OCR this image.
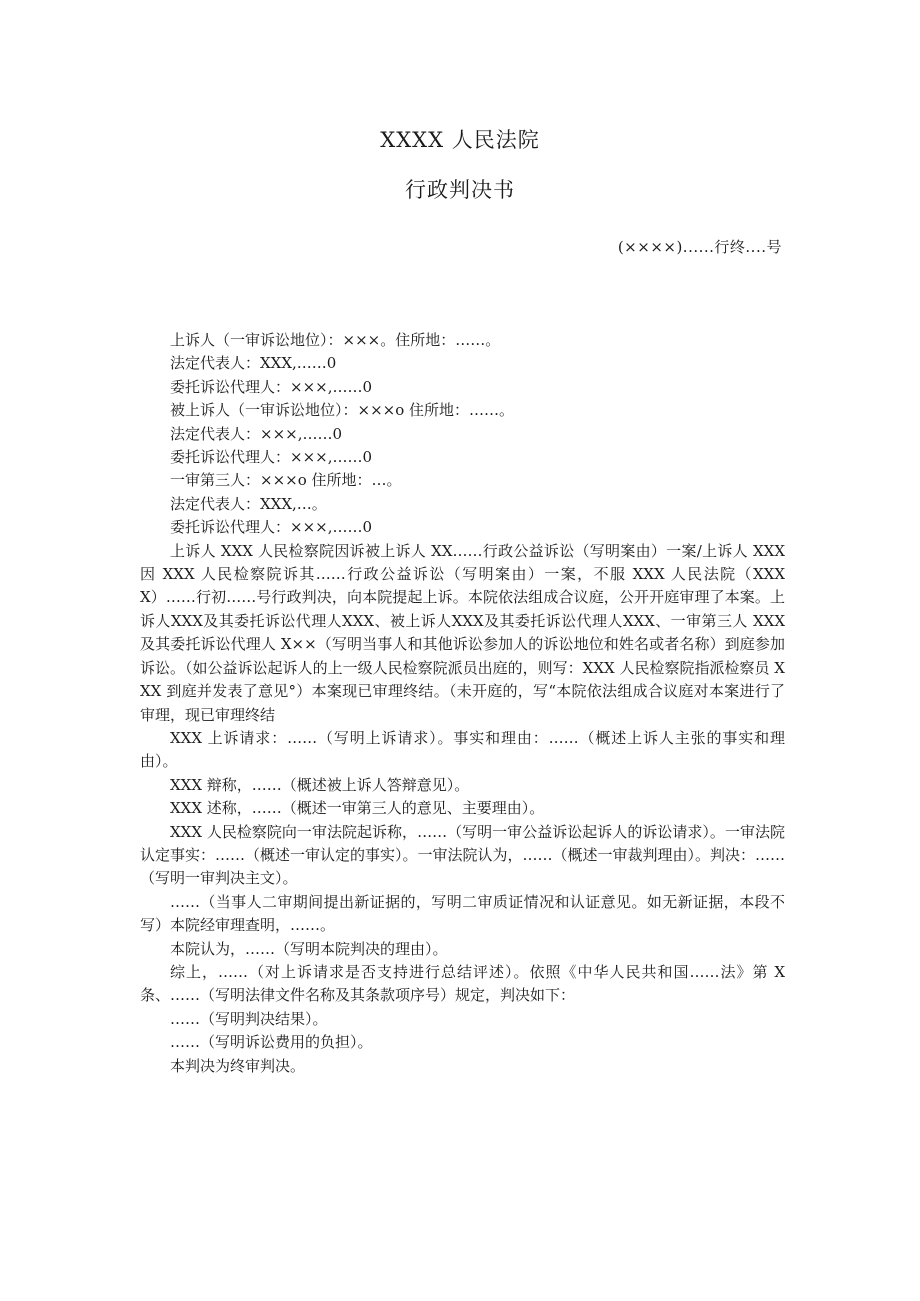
XXXX 人民法院
行政判决书
(××××)......行终....号

上诉人（一审诉讼地位）：×××。住所地：……。

法定代表人：XXX,……0

委托诉讼代理人：×××,……0

被上诉人（一审诉讼地位）：×××o 住所地：……。

法定代表人：×××,……0

委托诉讼代理人：×××,……0

一审第三人：×××o 住所地：…。

法定代表人：XXX,…。

委托诉讼代理人：×××,……0

上诉人 XXX 人民检察院因诉被上诉人 XX……行政公益诉讼（写明案由）一案/上诉人 XXX 因 XXX 人民检察院诉其……行政公益诉讼（写明案由）一案，不服 XXX 人民法院（XXXX）……行初……号行政判决，向本院提起上诉。本院依法组成合议庭，公开开庭审理了本案。上诉人XXX及其委托诉讼代理人XXX、被上诉人XXX及其委托诉讼代理人XXX、一审第三人 XXX 及其委托诉讼代理人 X××（写明当事人和其他诉讼参加人的诉讼地位和姓名或者名称）到庭参加诉讼。（如公益诉讼起诉人的上一级人民检察院派员出庭的，则写：XXX 人民检察院指派检察员 XXX 到庭并发表了意见°）本案现已审理终结。（未开庭的，写“本院依法组成合议庭对本案进行了审理，现已审理终结

XXX 上诉请求：……（写明上诉请求）。事实和理由：……（概述上诉人主张的事实和理由）。

XXX 辩称，……（概述被上诉人答辩意见）。

XXX 述称，……（概述一审第三人的意见、主要理由）。

XXX 人民检察院向一审法院起诉称，……（写明一审公益诉讼起诉人的诉讼请求）。一审法院认定事实：……（概述一审认定的事实）。一审法院认为，……（概述一审裁判理由）。判决：……（写明一审判决主文）。

……（当事人二审期间提出新证据的，写明二审质证情况和认证意见。如无新证据，本段不写）本院经审理查明，……。

本院认为，……（写明本院判决的理由）。

综上，……（对上诉请求是否支持进行总结评述）。依照《中华人民共和国……法》第 X 条、……（写明法律文件名称及其条款项序号）规定，判决如下：

……（写明判决结果）。

……（写明诉讼费用的负担）。

本判决为终审判决。
